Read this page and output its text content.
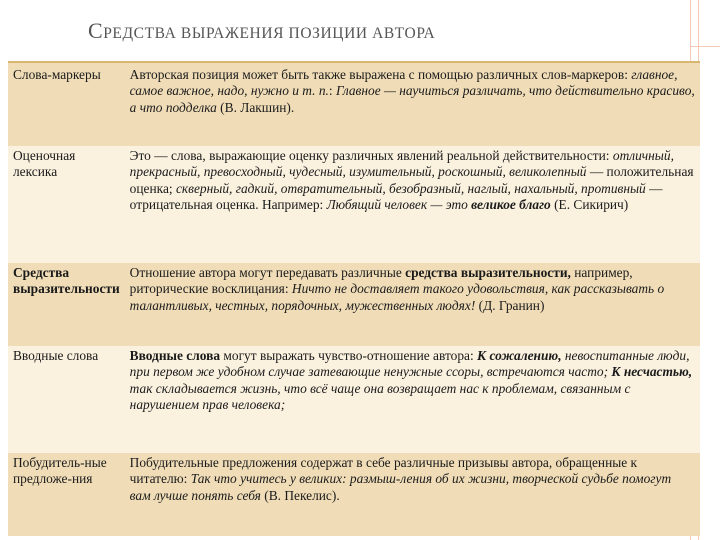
СРЕДСТВА ВЫРАЖЕНИЯ ПОЗИЦИИ АВТОРА
Слова-маркеры	Авторская позиция может быть также выражена с помощью различных слов-маркеров: главное, самое важное, надо, нужно и т. п.: Главное — научиться различать, что действительно красиво, а что подделка (В. Лакшин).
Оценочная лексика	Это — слова, выражающие оценку различных явлений реальной действительности: отличный, прекрасный, превосходный, чудесный, изумительный, роскошный, великолепный — положительная оценка; скверный, гадкий, отвратительный, безобразный, наглый, нахальный, противный — отрицательная оценка. Например: Любящий человек — это великое благо (Е. Сикирич)
Средства выразительности	Отношение автора могут передавать различные средства выразительности, например, риторические восклицания: Ничто не доставляет такого удовольствия, как рассказывать о талантливых, честных, порядочных, мужественных людях! (Д. Гранин)
Вводные слова	Вводные слова могут выражать чувство-отношение автора: К сожалению, невоспитанные люди, при первом же удобном случае затевающие ненужные ссоры, встречаются часто; К несчастью, так складывается жизнь, что всё чаще она возвращает нас к проблемам, связанным с нарушением прав человека;
Побудитель-ные предложе-ния	Побудительные предложения содержат в себе различные призывы автора, обращенные к читателю: Так что учитесь у великих: размыш-ления об их жизни, творческой судьбе помогут вам лучше понять себя (В. Пекелис).
